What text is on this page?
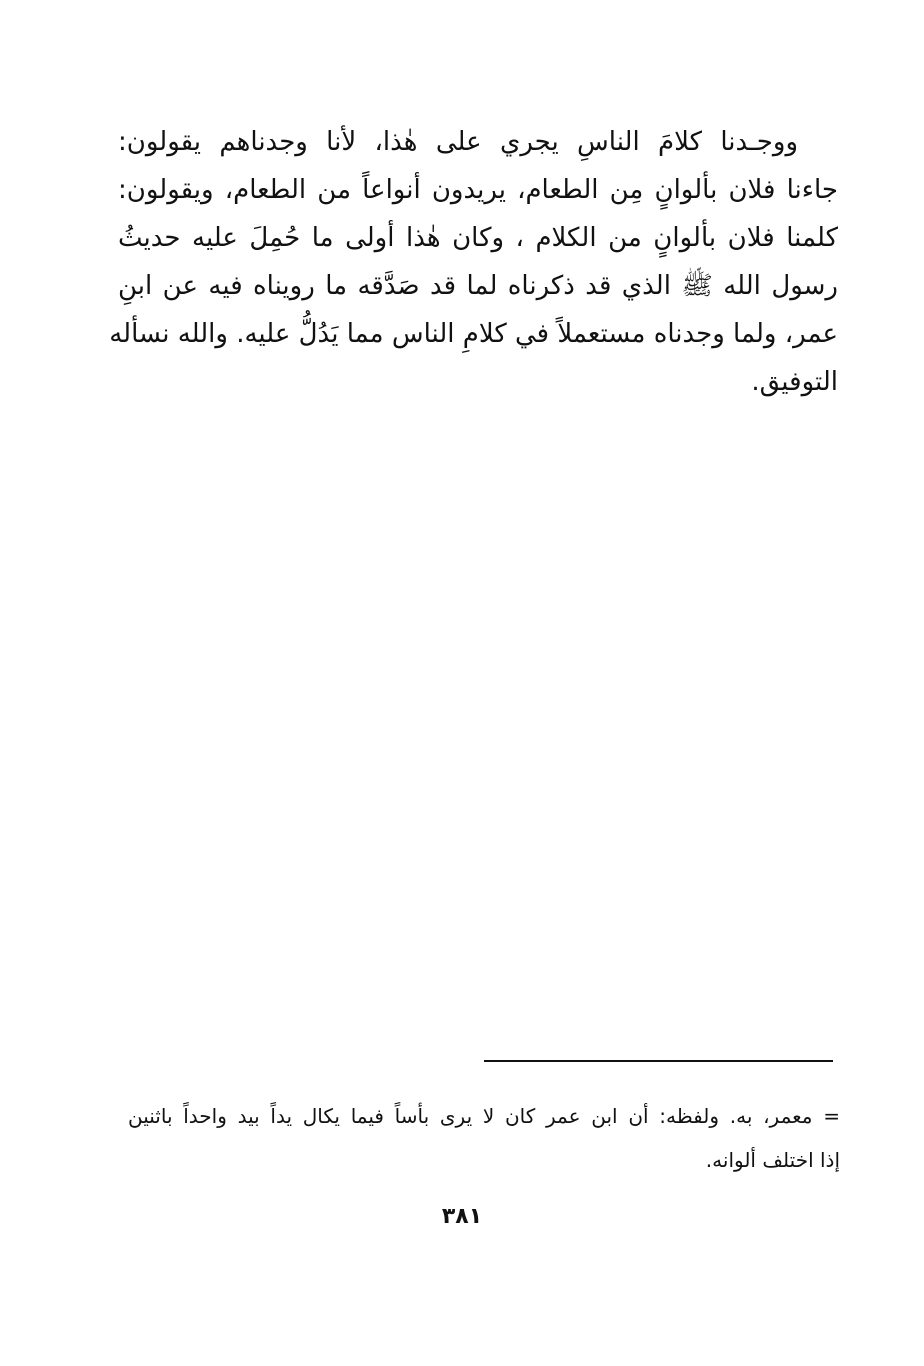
ووجـدنا كلامَ الناسِ يجري على هٰذا، لأنا وجدناهم يقولون:
جاءنا فلان بألوانٍ مِن الطعام، يريدون أنواعاً من الطعام، ويقولون:
كلمنا فلان بألوانٍ من الكلام ، وكان هٰذا أولى ما حُمِلَ عليه حديثُ
رسول الله ﷺ الذي قد ذكرناه لما قد صَدَّقه ما رويناه فيه عن ابنِ
عمر، ولما وجدناه مستعملاً في كلامِ الناس مما يَدُلُّ عليه. والله نسأله
التوفيق.
= معمر، به. ولفظه: أن ابن عمر كان لا يرى بأساً فيما يكال يداً بيد واحداً باثنين
إذا اختلف ألوانه.
٣٨١
